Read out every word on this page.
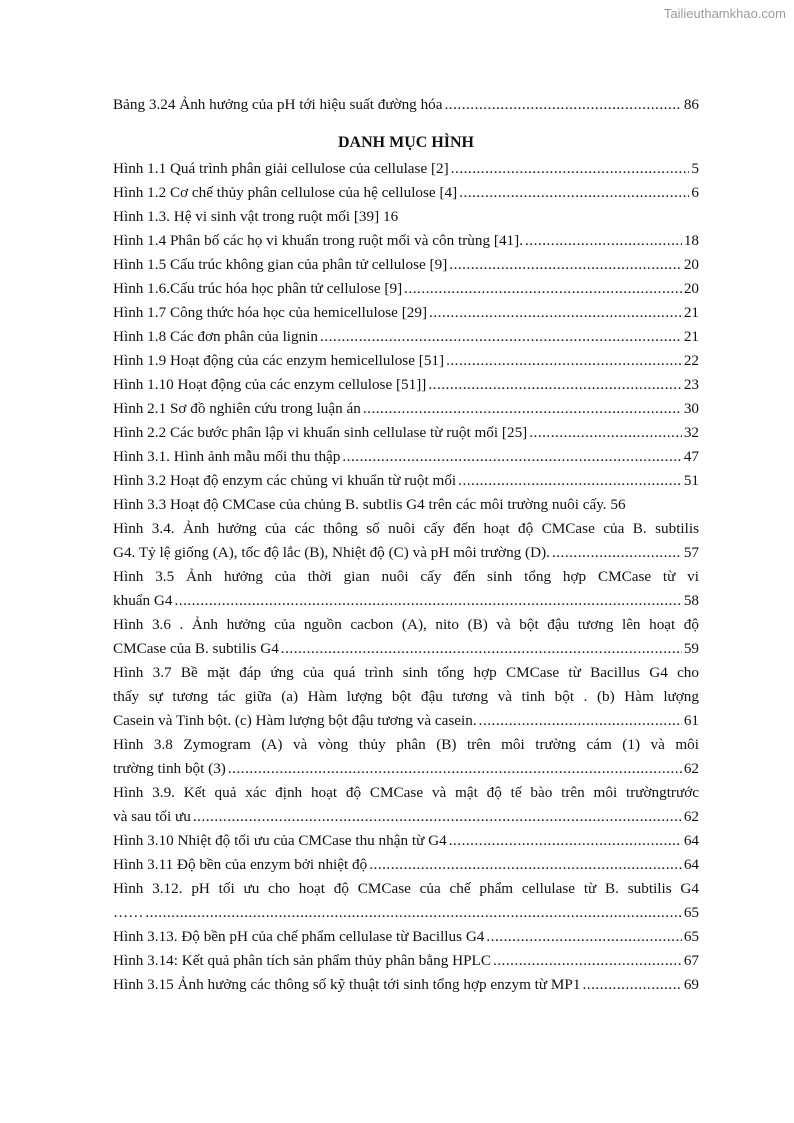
Tailieuthamkhao.com
Bảng 3.24 Ảnh hưởng của pH tới hiệu suất đường hóa .....	86
DANH MỤC HÌNH
Hình 1.1 Quá trình phân giải cellulose của cellulase [2] .....	5
Hình 1.2 Cơ chế thủy phân cellulose của hệ cellulose [4] .....	6
Hình 1.3. Hệ vi sinh vật trong ruột mối [39] 16
Hình 1.4 Phân bố các họ vi khuẩn trong ruột mối và côn trùng [41]. .....	18
Hình 1.5 Cấu trúc không gian của phân tử cellulose [9] .....	20
Hình 1.6.Cấu trúc hóa học phân tử cellulose [9] .....	20
Hình 1.7 Công thức hóa học của hemicellulose [29] .....	21
Hình 1.8 Các đơn phân của lignin .....	21
Hình 1.9 Hoạt động của các enzym hemicellulose [51] .....	22
Hình 1.10 Hoạt động của các enzym cellulose [51]] .....	23
Hình 2.1 Sơ đồ nghiên cứu trong luận án .....	30
Hình 2.2 Các bước phân lập vi khuẩn sinh cellulase từ ruột mối [25] .....	32
Hình 3.1. Hình ảnh mẫu mối thu thập .....	47
Hình 3.2 Hoạt độ enzym các chủng vi khuẩn từ ruột mối .....	51
Hình 3.3 Hoạt độ CMCase của chủng B. subtlis G4 trên các môi trường nuôi cấy. 56
Hình 3.4. Ảnh hưởng của các thông số nuôi cấy đến hoạt độ CMCase của B. subtilis
G4. Tỷ lệ giống (A), tốc độ lắc (B), Nhiệt độ (C) và pH môi trường (D). .....	57
Hình 3.5 Ảnh hưởng của thời gian nuôi cấy đến sinh tổng hợp CMCase từ vi
khuẩn G4 .....	58
Hình 3.6 . Ảnh hưởng của nguồn cacbon (A), nito (B) và bột đậu tương lên hoạt độ
CMCase của B. subtilis G4 .....	59
Hình 3.7 Bề mặt đáp ứng của quá trình sinh tổng hợp CMCase từ Bacillus G4 cho
thấy sự tương tác giữa (a) Hàm lượng bột đậu tương và tinh bột . (b) Hàm lượng
Casein và Tinh bột. (c) Hàm lượng bột đậu tương và casein. .....	61
Hình 3.8 Zymogram (A) và vòng thủy phân (B) trên môi trường cám (1) và môi
trường tinh bột (3) .....	62
Hình 3.9. Kết quả xác định hoạt độ CMCase và mật độ tế bào trên môi trườngtrước
và sau tối ưu .....	62
Hình 3.10 Nhiệt độ tối ưu của CMCase thu nhận từ G4 .....	64
Hình 3.11 Độ bền của enzym bởi nhiệt độ .....	64
Hình 3.12. pH tối ưu cho hoạt độ CMCase của chế phẩm cellulase từ B. subtilis G4
…… .....	65
Hình 3.13. Độ bền pH của chế phẩm cellulase từ Bacillus G4 .....	65
Hình 3.14: Kết quả phân tích sản phẩm thủy phân bằng HPLC .....	67
Hình 3.15 Ảnh hưởng các thông số kỹ thuật tới sinh tổng hợp enzym từ MP1 .....	69
